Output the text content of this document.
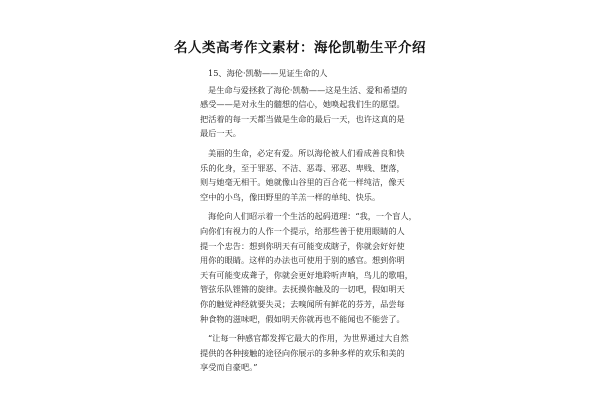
名人类高考作文素材：海伦凯勒生平介绍
15、海伦·凯勒——见证生命的人
是生命与爱拯救了海伦·凯勒——这是生活、爱和希望的
感受——是对永生的髓想的信心，她唤起我们生的愿望。
把活着的每一天都当做是生命的最后一天，也许这真的是
最后一天。
美丽的生命，必定有爱。所以海伦被人们看成善良和快
乐的化身，至于罪恶、不洁、恶毒、邪恶、卑贱、堕落，
则与她毫无相干。她就像山谷里的百合花一样纯洁，像天
空中的小鸟，像田野里的羊羔一样的单纯、快乐。
海伦向人们昭示着一个生活的起码道理：“我，一个盲人，
向你们有视力的人作一个提示，给那些善于使用眼睛的人
提一个忠告：想到你明天有可能变成瞎子，你就会好好使
用你的眼睛。这样的办法也可使用于别的感官。想到你明
天有可能变成聋子，你就会更好地聆听声响，鸟儿的歌唱，
管弦乐队铿锵的旋律。去抚摸你触及的一切吧，假如明天
你的触觉神经就要失灵；去嗅闻所有鲜花的芬芳，品尝每
种食物的滋味吧，假如明天你就再也不能闻也不能尝了。
“让每一种感官都发挥它最大的作用，为世界通过大自然
提供的各种接触的途径向你展示的多种多样的欢乐和美的
享受而自豪吧。”
